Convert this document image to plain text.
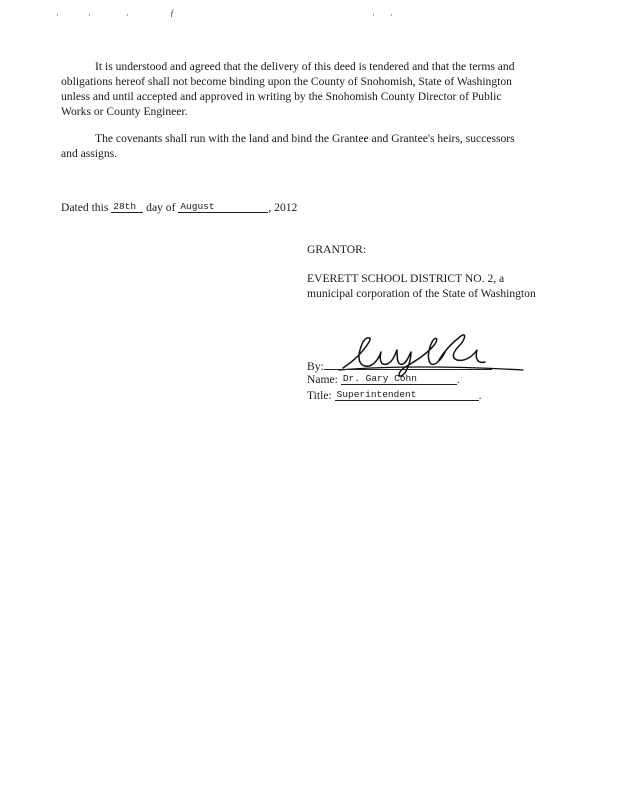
·	·	·	ƒ	· ·

It is understood and agreed that the delivery of this deed is tendered and that the terms and obligations hereof shall not become binding upon the County of Snohomish, State of Washington unless and until accepted and approved in writing by the Snohomish County Director of Public Works or County Engineer.

The covenants shall run with the land and bind the Grantee and Grantee's heirs, successors and assigns.

Dated this 28th day of August	, 2012
GRANTOR:
EVERETT SCHOOL DISTRICT NO. 2, a municipal corporation of the State of Washington
By:
Name: Dr. Gary Cohn	.
Title: Superintendent	.
